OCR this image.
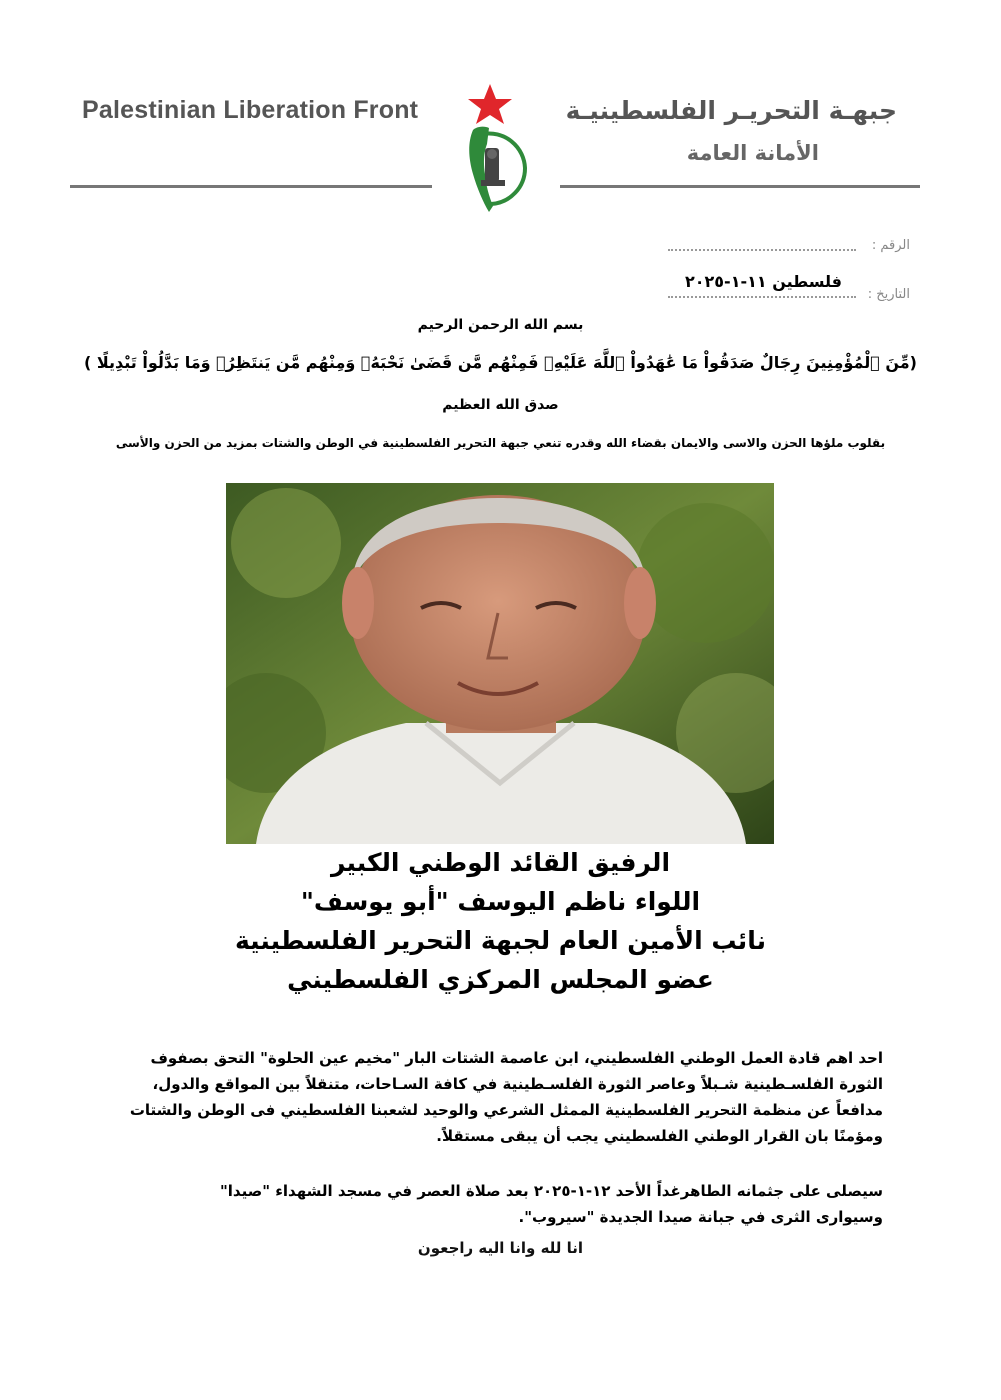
Palestinian Liberation Front	جبهـة التحريـر الفلسطينيـة
الأمانة العامة
الرقم :
التاريخ :
فلسطين ١١-١-٢٠٢٥
بسم الله الرحمن الرحيم
(مِّنَ ٱلْمُؤْمِنِينَ رِجَالٌ صَدَقُواْ مَا عَٰهَدُواْ ٱللَّهَ عَلَيْهِۖ فَمِنْهُم مَّن قَضَىٰ نَحْبَهُۥ وَمِنْهُم مَّن يَنتَظِرُۖ وَمَا بَدَّلُواْ تَبْدِيلًا )
صدق الله العظيم
بقلوب ملؤها الحزن والاسى والايمان بقضاء الله وقدره تنعي جبهة التحرير الفلسطينية في الوطن والشتات بمزيد من الحزن والأسى
الرفيق القائد الوطني الكبير
اللواء ناظم اليوسف "أبو يوسف"
نائب الأمين العام لجبهة التحرير الفلسطينية
عضو المجلس المركزي الفلسطيني
احد اهم قادة العمل الوطني الفلسطيني، ابن عاصمة الشتات البار "مخيم عين الحلوة" التحق بصفوف
الثورة الفلسـطينية شـبلاً وعاصر الثورة الفلسـطينية في كافة السـاحات، متنقلاً بين المواقع والدول،
مدافعاً عن منظمة التحرير الفلسطينية الممثل الشرعي والوحيد لشعبنا الفلسطيني فى الوطن والشتات
ومؤمنًا بان القرار الوطني الفلسطيني يجب أن يبقى مستقلاً.
سيصلى على جثمانه الطاهرغداً الأحد ١٢-١-٢٠٢٥ بعد صلاة العصر في مسجد الشهداء "صيدا"
وسيوارى الثرى في جبانة صيدا الجديدة "سيروب".
انا لله وانا اليه راجعون
